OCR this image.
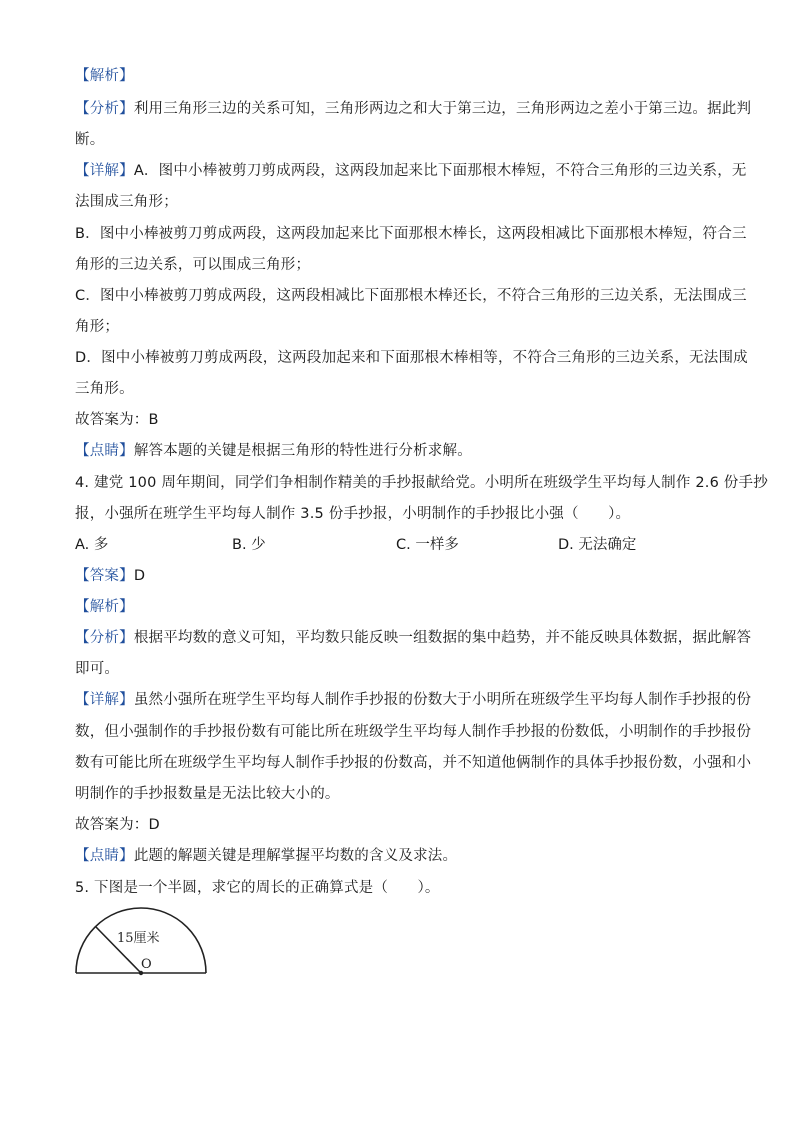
【解析】
【分析】利用三角形三边的关系可知，三角形两边之和大于第三边，三角形两边之差小于第三边。据此判
断。
【详解】A．图中小棒被剪刀剪成两段，这两段加起来比下面那根木棒短，不符合三角形的三边关系，无
法围成三角形；
B．图中小棒被剪刀剪成两段，这两段加起来比下面那根木棒长，这两段相减比下面那根木棒短，符合三
角形的三边关系，可以围成三角形；
C．图中小棒被剪刀剪成两段，这两段相减比下面那根木棒还长，不符合三角形的三边关系，无法围成三
角形；
D．图中小棒被剪刀剪成两段，这两段加起来和下面那根木棒相等，不符合三角形的三边关系，无法围成
三角形。
故答案为：B
【点睛】解答本题的关键是根据三角形的特性进行分析求解。
4. 建党 100 周年期间，同学们争相制作精美的手抄报献给党。小明所在班级学生平均每人制作 2.6 份手抄
报，小强所在班学生平均每人制作 3.5 份手抄报，小明制作的手抄报比小强（　　）。
A. 多	B. 少	C. 一样多	D. 无法确定
【答案】D
【解析】
【分析】根据平均数的意义可知，平均数只能反映一组数据的集中趋势，并不能反映具体数据，据此解答
即可。
【详解】虽然小强所在班学生平均每人制作手抄报的份数大于小明所在班级学生平均每人制作手抄报的份
数，但小强制作的手抄报份数有可能比所在班级学生平均每人制作手抄报的份数低，小明制作的手抄报份
数有可能比所在班级学生平均每人制作手抄报的份数高，并不知道他俩制作的具体手抄报份数，小强和小
明制作的手抄报数量是无法比较大小的。
故答案为：D
【点睛】此题的解题关键是理解掌握平均数的含义及求法。
5. 下图是一个半圆，求它的周长的正确算式是（　　）。
15厘米
O
